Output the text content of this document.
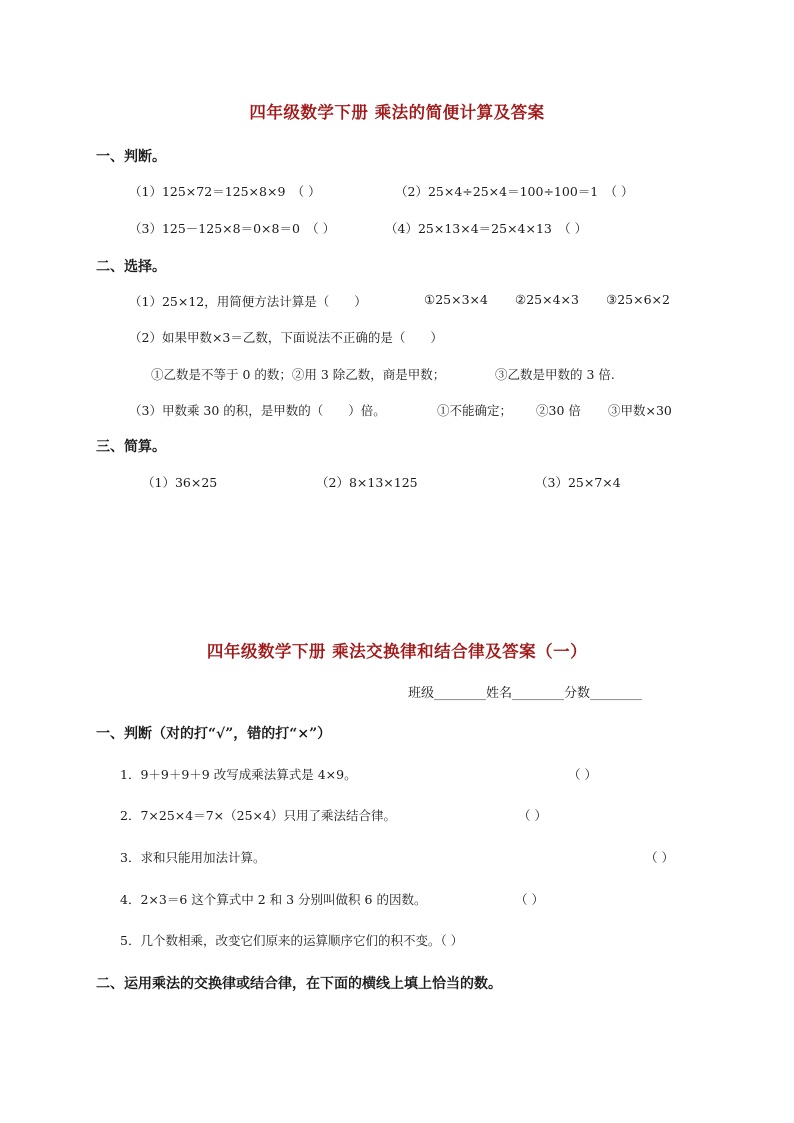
四年级数学下册 乘法的简便计算及答案
一、判断。
（1）125×72＝125×8×9　（ ）	（2）25×4÷25×4＝100÷100＝1　（ ）
（3）125－125×8＝0×8＝0　（ ）	（4）25×13×4＝25×4×13　（ ）
二、选择。
（1）25×12，用简便方法计算是（　　）	①25×3×4 ②25×4×3 ③25×6×2
（2）如果甲数×3＝乙数，下面说法不正确的是（　　）
①乙数是不等于 0 的数；②用 3 除乙数，商是甲数；	③乙数是甲数的 3 倍.
（3）甲数乘 30 的积，是甲数的（　　）倍。	①不能确定； ②30 倍 ③甲数×30
三、简算。
（1）36×25	（2）8×13×125	（3）25×7×4
四年级数学下册 乘法交换律和结合律及答案（一）
班级________姓名________分数________
一、判断（对的打“√”，错的打“×”）
1．9＋9＋9＋9 改写成乘法算式是 4×9。	（ ）
2．7×25×4＝7×（25×4）只用了乘法结合律。	（ ）
3．求和只能用加法计算。	（ ）
4．2×3＝6 这个算式中 2 和 3 分别叫做积 6 的因数。	（ ）
5．几个数相乘，改变它们原来的运算顺序它们的积不变。（ ）
二、运用乘法的交换律或结合律，在下面的横线上填上恰当的数。
